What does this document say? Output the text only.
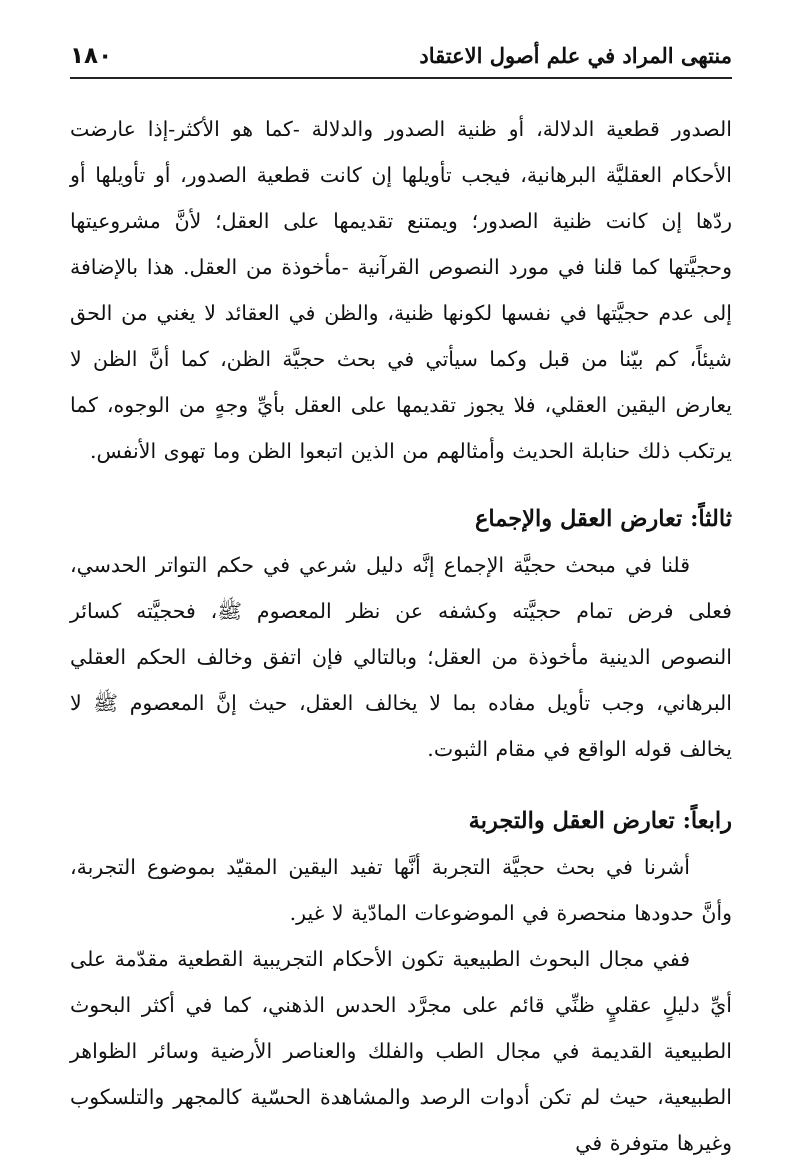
منتهى المراد في علم أصول الاعتقاد
١٨٠

الصدور قطعية الدلالة، أو ظنية الصدور والدلالة -كما هو الأكثر-إذا عارضت الأحكام العقليَّة البرهانية، فيجب تأويلها إن كانت قطعية الصدور، أو تأويلها أو ردّها إن كانت ظنية الصدور؛ ويمتنع تقديمها على العقل؛ لأنَّ مشروعيتها وحجيَّتها كما قلنا في مورد النصوص القرآنية -مأخوذة من العقل. هذا بالإضافة إلى عدم حجيَّتها في نفسها لكونها ظنية، والظن في العقائد لا يغني من الحق شيئاً، كم بيّنا من قبل وكما سيأتي في بحث حجيَّة الظن، كما أنَّ الظن لا يعارض اليقين العقلي، فلا يجوز تقديمها على العقل بأيِّ وجهٍ من الوجوه، كما يرتكب ذلك حنابلة الحديث وأمثالهم من الذين اتبعوا الظن وما تهوى الأنفس.

ثالثاً: تعارض العقل والإجماع

قلنا في مبحث حجيَّة الإجماع إنَّه دليل شرعي في حكم التواتر الحدسي، فعلى فرض تمام حجيَّته وكشفه عن نظر المعصوم ﷺ، فحجيَّته كسائر النصوص الدينية مأخوذة من العقل؛ وبالتالي فإن اتفق وخالف الحكم العقلي البرهاني، وجب تأويل مفاده بما لا يخالف العقل، حيث إنَّ المعصوم ﷺ لا يخالف قوله الواقع في مقام الثبوت.

رابعاً: تعارض العقل والتجربة

أشرنا في بحث حجيَّة التجربة أنَّها تفيد اليقين المقيّد بموضوع التجربة، وأنَّ حدودها منحصرة في الموضوعات المادّية لا غير.

ففي مجال البحوث الطبيعية تكون الأحكام التجريبية القطعية مقدّمة على أيِّ دليلٍ عقليٍ ظنِّي قائم على مجرَّد الحدس الذهني، كما في أكثر البحوث الطبيعية القديمة في مجال الطب والفلك والعناصر الأرضية وسائر الظواهر الطبيعية، حيث لم تكن أدوات الرصد والمشاهدة الحسّية كالمجهر والتلسكوب وغيرها متوفرة في
